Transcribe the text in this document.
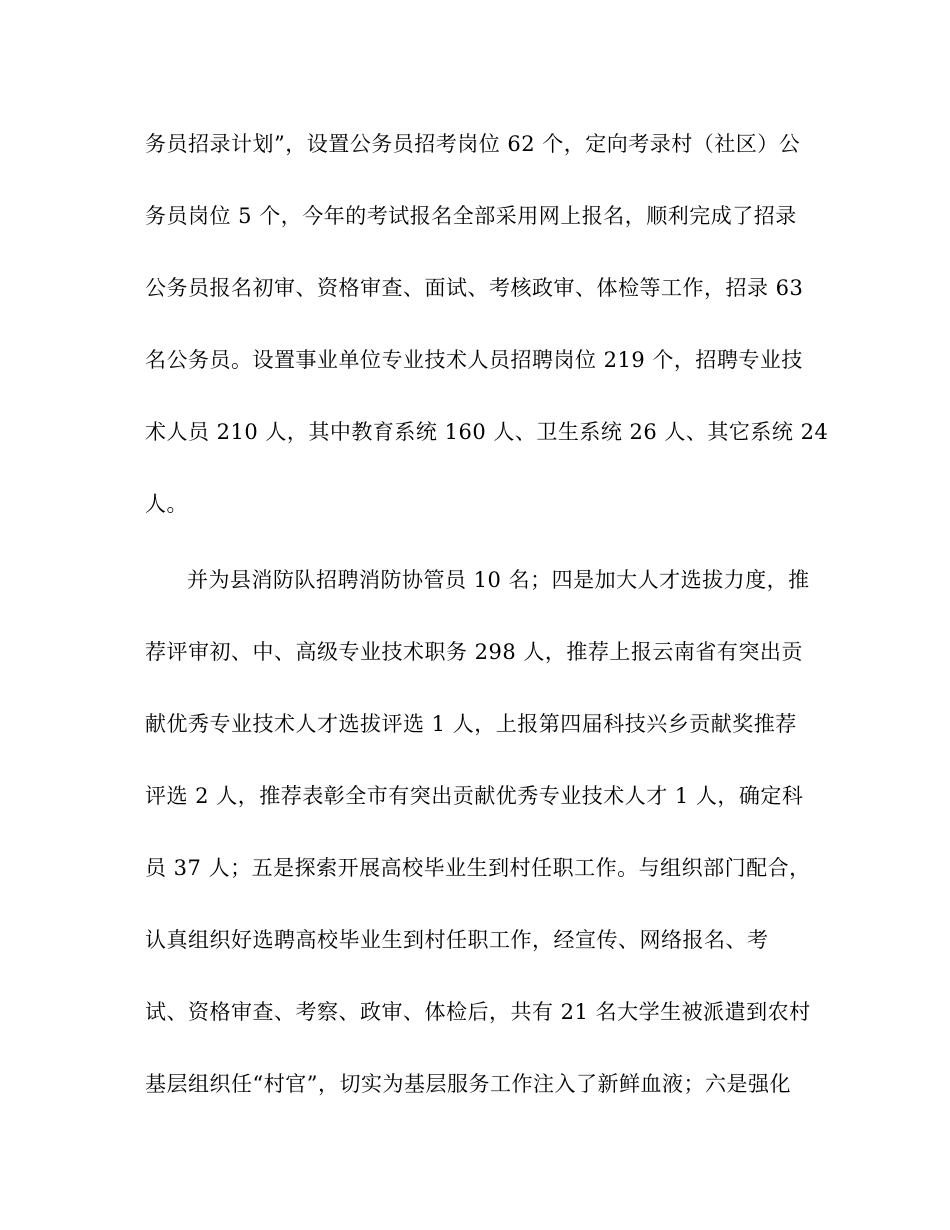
务员招录计划”，设置公务员招考岗位 62 个，定向考录村（社区）公
务员岗位 5 个，今年的考试报名全部采用网上报名，顺利完成了招录
公务员报名初审、资格审查、面试、考核政审、体检等工作，招录 63
名公务员。设置事业单位专业技术人员招聘岗位 219 个，招聘专业技
术人员 210 人，其中教育系统 160 人、卫生系统 26 人、其它系统 24
人。
并为县消防队招聘消防协管员 10 名；四是加大人才选拔力度，推
荐评审初、中、高级专业技术职务 298 人，推荐上报云南省有突出贡
献优秀专业技术人才选拔评选 1 人，上报第四届科技兴乡贡献奖推荐
评选 2 人，推荐表彰全市有突出贡献优秀专业技术人才 1 人，确定科
员 37 人；五是探索开展高校毕业生到村任职工作。与组织部门配合，
认真组织好选聘高校毕业生到村任职工作，经宣传、网络报名、考
试、资格审查、考察、政审、体检后，共有 21 名大学生被派遣到农村
基层组织任“村官”，切实为基层服务工作注入了新鲜血液；六是强化
